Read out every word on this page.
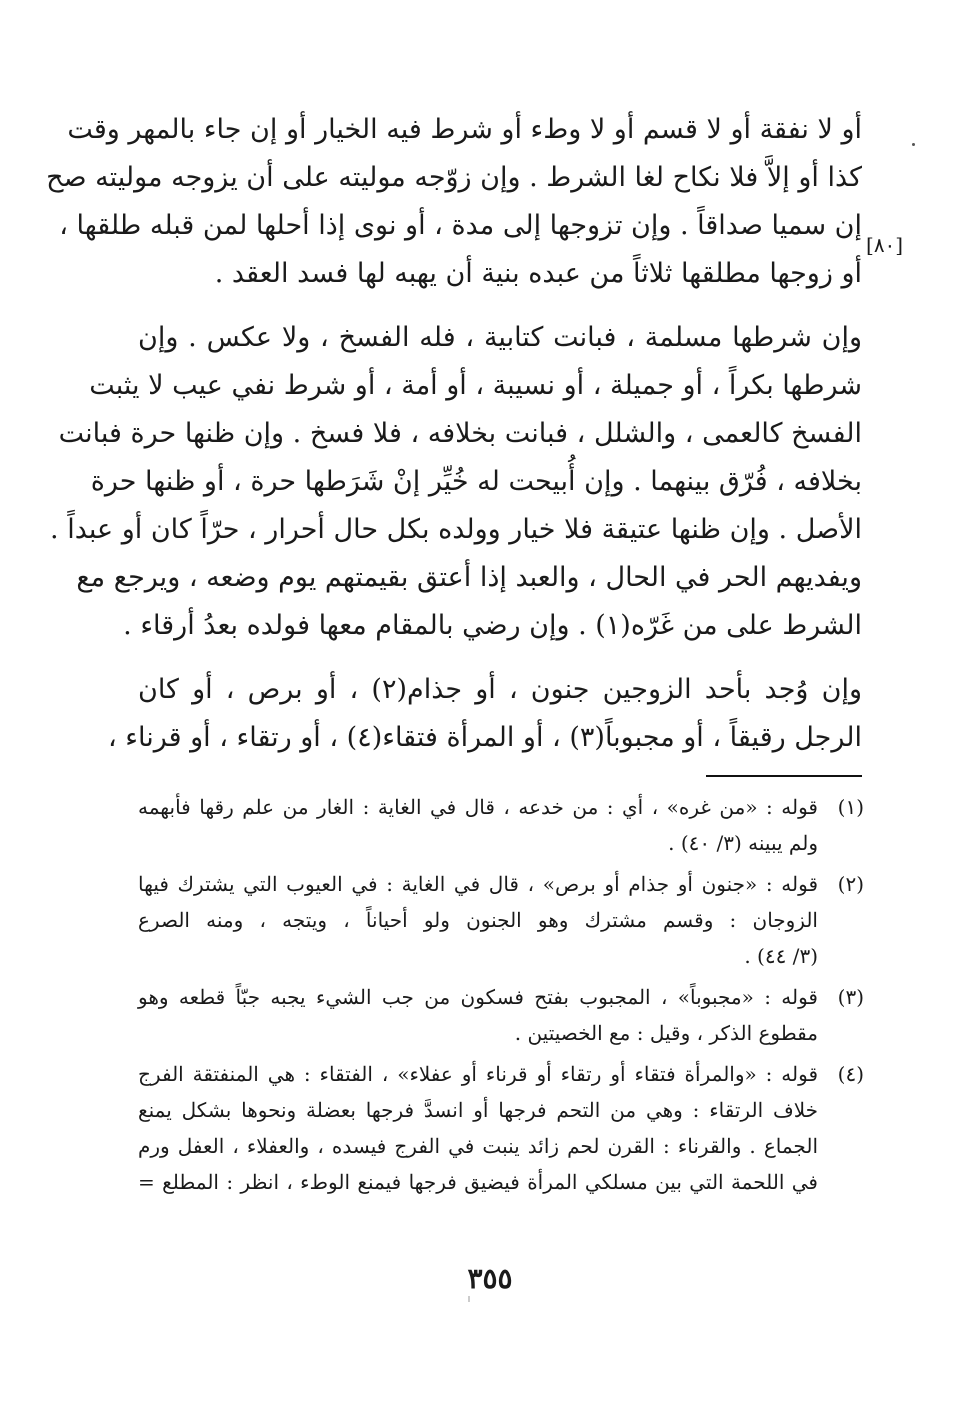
أو لا نفقة أو لا قسم أو لا وطء أو شرط فيه الخيار أو إن جاء بالمهر وقت
كذا أو إلاَّ فلا نكاح لغا الشرط . وإن زوّجه موليته على أن يزوجه موليته صح
إن سميا صداقاً . وإن تزوجها إلى مدة ، أو نوى إذا أحلها لمن قبله طلقها ،
أو زوجها مطلقها ثلاثاً من عبده بنية أن يهبه لها فسد العقد .

وإن شرطها مسلمة ، فبانت كتابية ، فله الفسخ ، ولا عكس . وإن
شرطها بكراً ، أو جميلة ، أو نسيبة ، أو أمة ، أو شرط نفي عيب لا يثبت
الفسخ كالعمى ، والشلل ، فبانت بخلافه ، فلا فسخ . وإن ظنها حرة فبانت
بخلافه ، فُرّق بينهما . وإن أُبيحت له خُيِّر إنْ شَرَطها حرة ، أو ظنها حرة
الأصل . وإن ظنها عتيقة فلا خيار وولده بكل حال أحرار ، حرّاً كان أو عبداً .
ويفديهم الحر في الحال ، والعبد إذا أعتق بقيمتهم يوم وضعه ، ويرجع مع
الشرط على من غَرّه(١) . وإن رضي بالمقام معها فولده بعدُ أرقاء .

وإن وُجد بأحد الزوجين جنون ، أو جذام(٢) ، أو برص ، أو كان
الرجل رقيقاً ، أو مجبوباً(٣) ، أو المرأة فتقاء(٤) ، أو رتقاء ، أو قرناء ،

[٨٠]
(١)
قوله : «من غره» ، أي : من خدعه ، قال في الغاية : الغار من علم رقها فأبهمه
ولم يبينه (٣/ ٤٠) .
(٢)
قوله : «جنون أو جذام أو برص» ، قال في الغاية : في العيوب التي يشترك فيها
الزوجان : وقسم مشترك وهو الجنون ولو أحياناً ، ويتجه ، ومنه الصرع
(٣/ ٤٤) .
(٣)
قوله : «مجبوباً» ، المجبوب بفتح فسكون من جب الشيء يجبه جبّاً قطعه وهو
مقطوع الذكر ، وقيل : مع الخصيتين .
(٤)
قوله : «والمرأة فتقاء أو رتقاء أو قرناء أو عفلاء» ، الفتقاء : هي المنفتقة الفرج
خلاف الرتقاء : وهي من التحم فرجها أو انسدَّ فرجها بعضلة ونحوها بشكل يمنع
الجماع . والقرناء : القرن لحم زائد ينبت في الفرج فيسده ، والعفلاء ، العفل ورم
في اللحمة التي بين مسلكي المرأة فيضيق فرجها فيمنع الوطء ، انظر : المطلع =
٣٥٥
